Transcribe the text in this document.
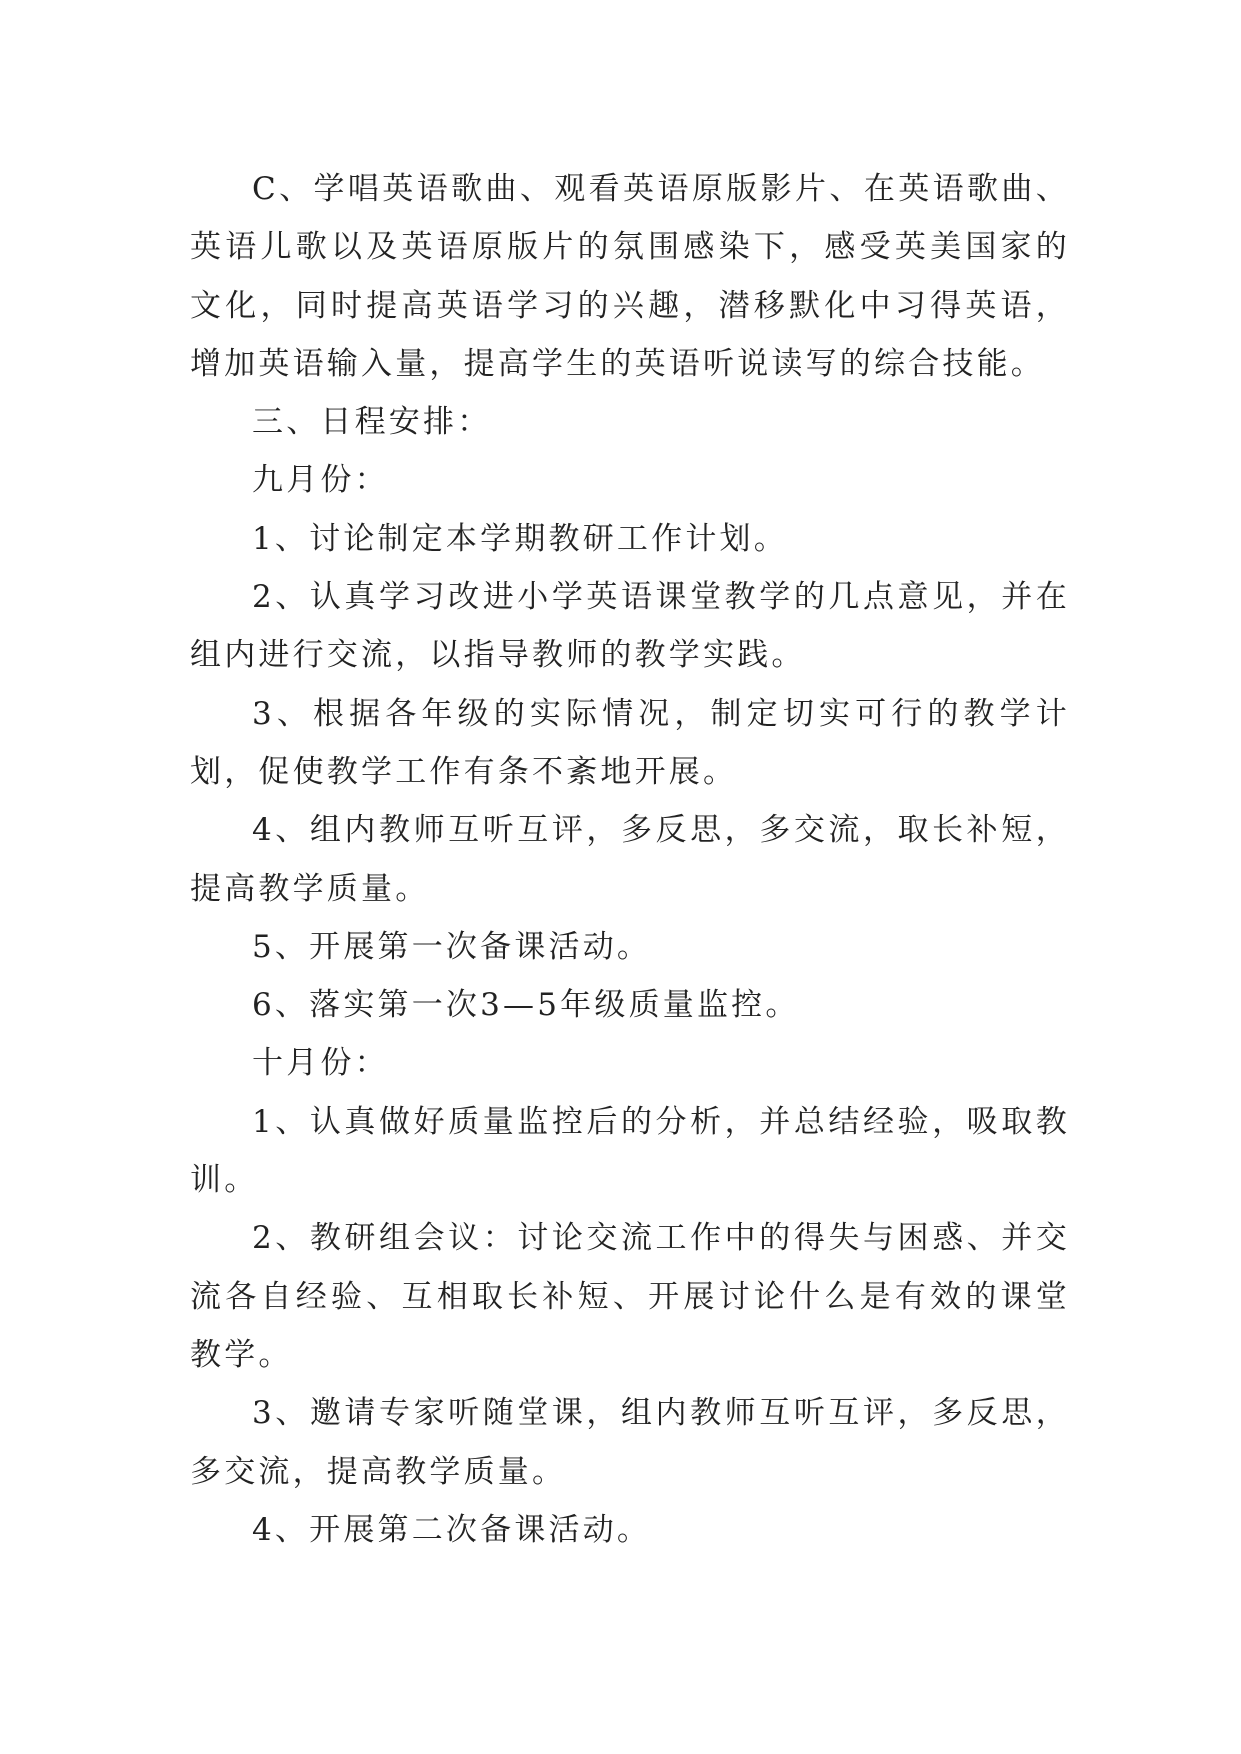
C、学唱英语歌曲、观看英语原版影片、在英语歌曲、英语儿歌以及英语原版片的氛围感染下，感受英美国家的文化，同时提高英语学习的兴趣，潜移默化中习得英语，增加英语输入量，提高学生的英语听说读写的综合技能。

三、日程安排：

九月份：

1、讨论制定本学期教研工作计划。

2、认真学习改进小学英语课堂教学的几点意见，并在组内进行交流，以指导教师的教学实践。

3、根据各年级的实际情况，制定切实可行的教学计划，促使教学工作有条不紊地开展。

4、组内教师互听互评，多反思，多交流，取长补短，提高教学质量。

5、开展第一次备课活动。

6、落实第一次3—5年级质量监控。

十月份：

1、认真做好质量监控后的分析，并总结经验，吸取教训。

2、教研组会议：讨论交流工作中的得失与困惑、并交流各自经验、互相取长补短、开展讨论什么是有效的课堂教学。

3、邀请专家听随堂课，组内教师互听互评，多反思，多交流，提高教学质量。

4、开展第二次备课活动。
